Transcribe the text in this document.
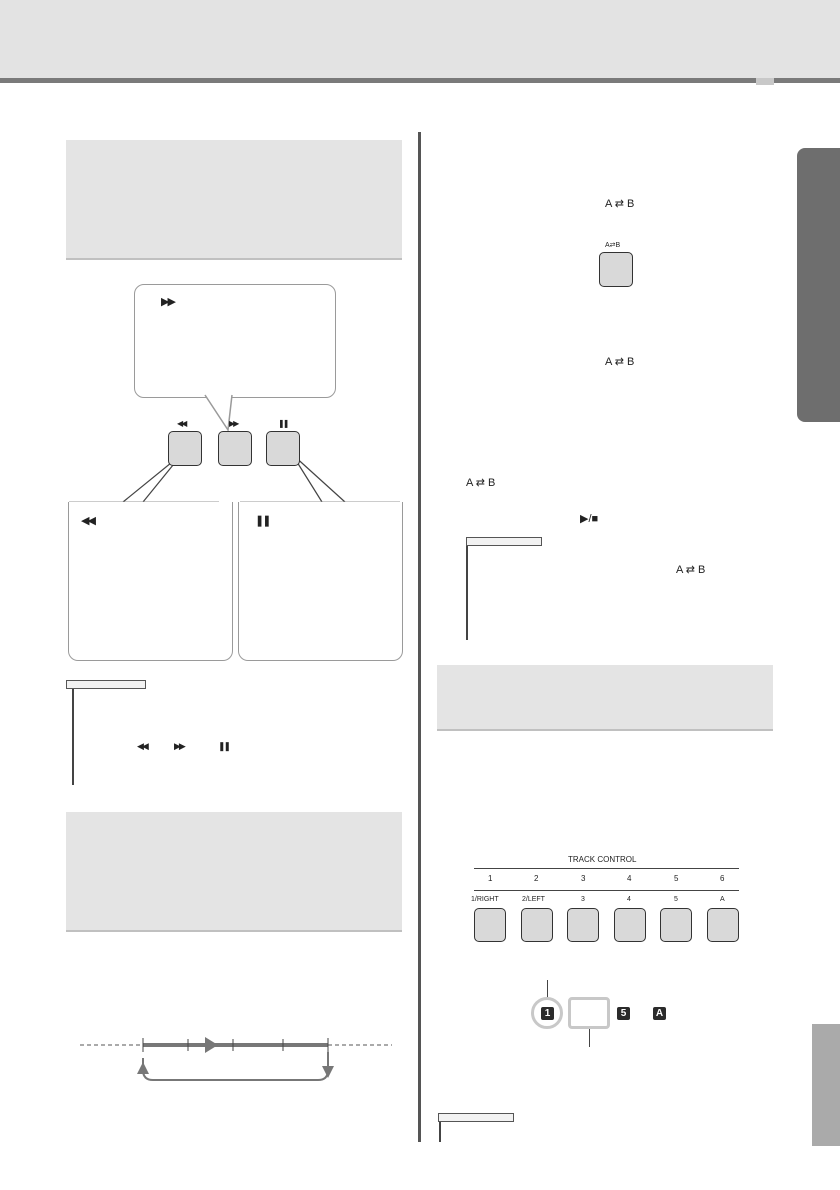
▶▶
◀◀	▶▶	❚❚
◀◀	❚❚
◀◀	▶▶	❚❚
A ⇄ B
A⇄B
A ⇄ B
A ⇄ B
▶/■
A ⇄ B
TRACK CONTROL
1	2	3	4	5	6
1/RIGHT	2/LEFT	3	4	5	A
1	5	A
